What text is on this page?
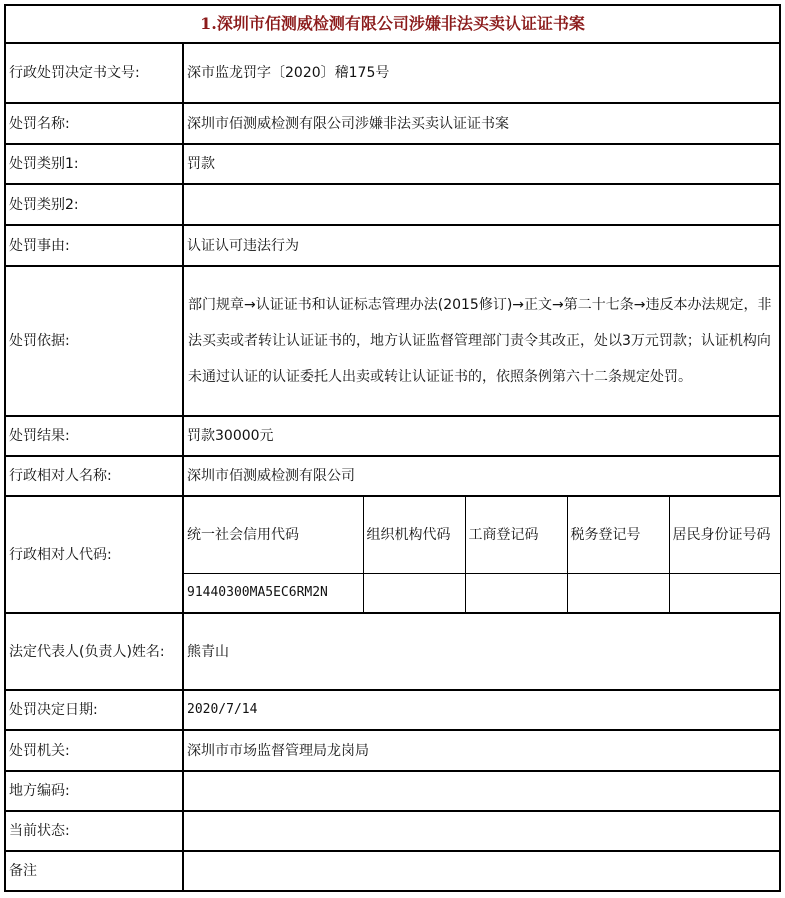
1.深圳市佰测威检测有限公司涉嫌非法买卖认证证书案					
行政处罚决定书文号:	深市监龙罚字〔2020〕稽175号				
处罚名称:	深圳市佰测威检测有限公司涉嫌非法买卖认证证书案				
处罚类别1:	罚款				
处罚类别2:					
处罚事由:	认证认可违法行为				
处罚依据:	部门规章→认证证书和认证标志管理办法(2015修订)→正文→第二十七条→违反本办法规定，非法买卖或者转让认证证书的，地方认证监督管理部门责令其改正，处以3万元罚款；认证机构向未通过认证的认证委托人出卖或转让认证证书的，依照条例第六十二条规定处罚。				
处罚结果:	罚款30000元				
行政相对人名称:	深圳市佰测威检测有限公司				
行政相对人代码:	统一社会信用代码	组织机构代码	工商登记码	税务登记号	居民身份证号码
	91440300MA5EC6RM2N				
法定代表人(负责人)姓名:	熊青山				
处罚决定日期:	2020/7/14				
处罚机关:	深圳市市场监督管理局龙岗局				
地方编码:					
当前状态:					
备注					
